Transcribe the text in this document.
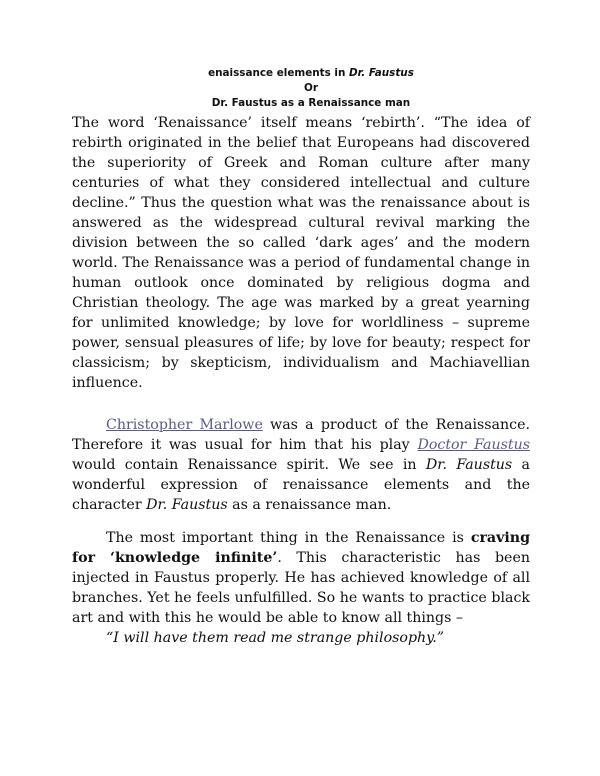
enaissance elements in Dr. Faustus
Or
Dr. Faustus as a Renaissance man

The word ‘Renaissance’ itself means ‘rebirth’. “The idea of rebirth originated in the belief that Europeans had discovered the superiority of Greek and Roman culture after many centuries of what they considered intellectual and culture decline.” Thus the question what was the renaissance about is answered as the widespread cultural revival marking the division between the so called ‘dark ages’ and the modern world. The Renaissance was a period of fundamental change in human outlook once dominated by religious dogma and Christian theology. The age was marked by a great yearning for unlimited knowledge; by love for worldliness – supreme power, sensual pleasures of life; by love for beauty; respect for classicism; by skepticism, individualism and Machiavellian influence.

Christopher Marlowe was a product of the Renaissance. Therefore it was usual for him that his play Doctor Faustus would contain Renaissance spirit. We see in Dr. Faustus a wonderful expression of renaissance elements and the character Dr. Faustus as a renaissance man.

The most important thing in the Renaissance is craving for ‘knowledge infinite’. This characteristic has been injected in Faustus properly. He has achieved knowledge of all branches. Yet he feels unfulfilled. So he wants to practice black art and with this he would be able to know all things –

“I will have them read me strange philosophy.”
